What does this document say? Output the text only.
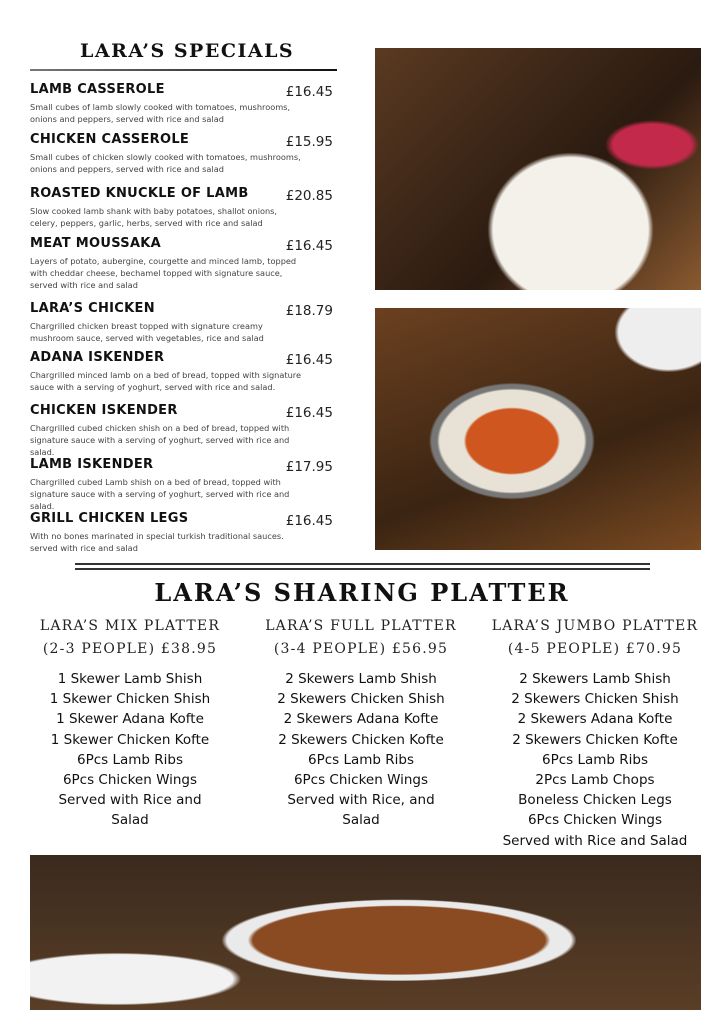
LARA’S SPECIALS
LAMB CASSEROLE	£16.45
Small cubes of lamb slowly cooked with tomatoes, mushrooms, onions and peppers, served with rice and salad
CHICKEN CASSEROLE	£15.95
Small cubes of chicken slowly cooked with tomatoes, mushrooms, onions and peppers, served with rice and salad
ROASTED KNUCKLE OF LAMB	£20.85
Slow cooked lamb shank with baby potatoes, shallot onions, celery, peppers, garlic, herbs, served with rice and salad
MEAT MOUSSAKA	£16.45
Layers of potato, aubergine, courgette and minced lamb, topped with cheddar cheese, bechamel topped with signature sauce, served with rice and salad
LARA’S CHICKEN	£18.79
Chargrilled chicken breast topped with signature creamy mushroom sauce, served with vegetables, rice and salad
ADANA ISKENDER	£16.45
Chargrilled minced lamb on a bed of bread, topped with signature sauce with a serving of yoghurt, served with rice and salad.
CHICKEN ISKENDER	£16.45
Chargrilled cubed chicken shish on a bed of bread, topped with signature sauce with a serving of yoghurt, served with rice and salad.
LAMB ISKENDER	£17.95
Chargrilled cubed Lamb shish on a bed of bread, topped with signature sauce with a serving of yoghurt, served with rice and salad.
GRILL CHICKEN LEGS	£16.45
With no bones marinated in special turkish traditional sauces. served with rice and salad
LARA’S SHARING PLATTER
LARA’S MIX PLATTER
(2-3 PEOPLE) £38.95
1 Skewer Lamb Shish
1 Skewer Chicken Shish
1 Skewer Adana Kofte
1 Skewer Chicken Kofte
6Pcs Lamb Ribs
6Pcs Chicken Wings
Served with Rice and
Salad
LARA’S FULL PLATTER
(3-4 PEOPLE) £56.95
2 Skewers Lamb Shish
2 Skewers Chicken Shish
2 Skewers Adana Kofte
2 Skewers Chicken Kofte
6Pcs Lamb Ribs
6Pcs Chicken Wings
Served with Rice, and
Salad
LARA’S JUMBO PLATTER
(4-5 PEOPLE) £70.95
2 Skewers Lamb Shish
2 Skewers Chicken Shish
2 Skewers Adana Kofte
2 Skewers Chicken Kofte
6Pcs Lamb Ribs
2Pcs Lamb Chops
Boneless Chicken Legs
6Pcs Chicken Wings
Served with Rice and Salad
